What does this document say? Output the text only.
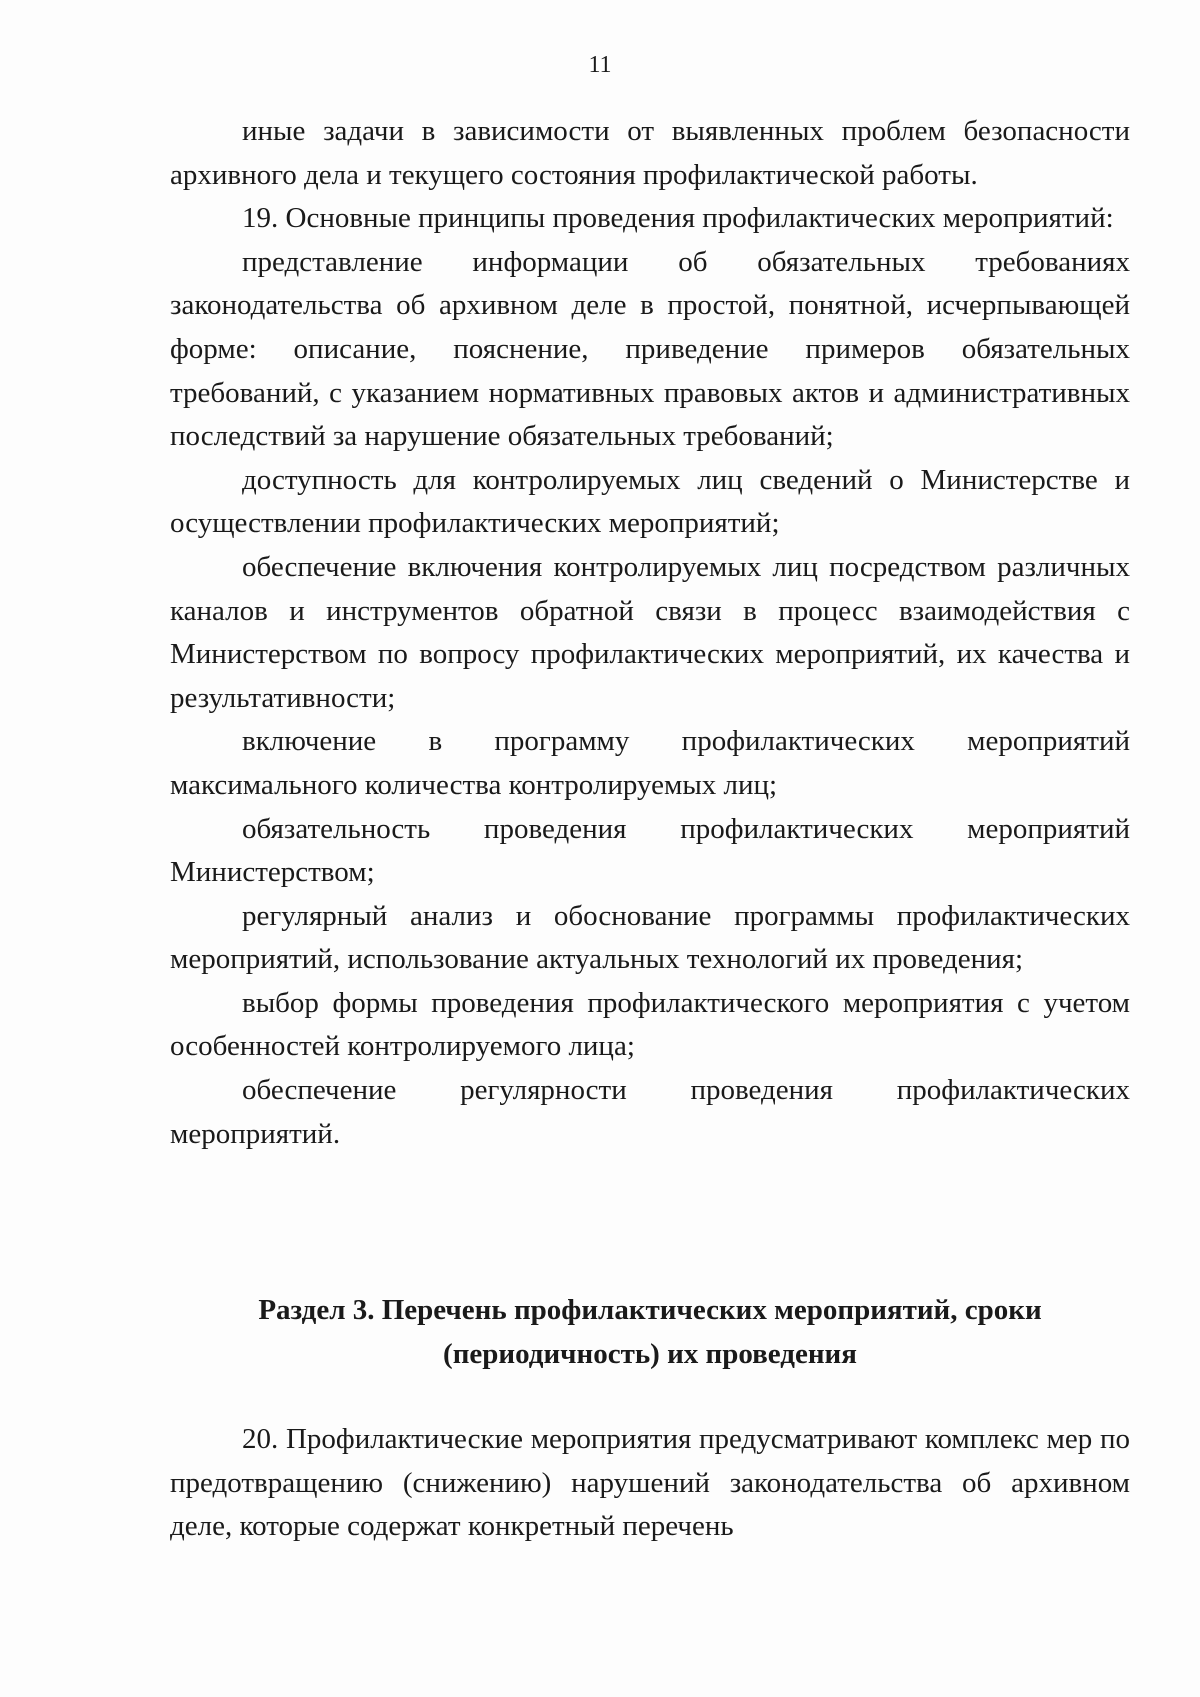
11

иные задачи в зависимости от выявленных проблем безопасности архивного дела и текущего состояния профилактической работы.

19. Основные принципы проведения профилактических мероприятий:

представление информации об обязательных требованиях законодательства об архивном деле в простой, понятной, исчерпывающей форме: описание, пояснение, приведение примеров обязательных требований, с указанием нормативных правовых актов и административных последствий за нарушение обязательных требований;

доступность для контролируемых лиц сведений о Министерстве и осуществлении профилактических мероприятий;

обеспечение включения контролируемых лиц посредством различных каналов и инструментов обратной связи в процесс взаимодействия с Министерством по вопросу профилактических мероприятий, их качества и результативности;

включение в программу профилактических мероприятий максимального количества контролируемых лиц;

обязательность проведения профилактических мероприятий Министерством;

регулярный анализ и обоснование программы профилактических мероприятий, использование актуальных технологий их проведения;

выбор формы проведения профилактического мероприятия с учетом особенностей контролируемого лица;

обеспечение регулярности проведения профилактических мероприятий.

Раздел 3. Перечень профилактических мероприятий, сроки
(периодичность) их проведения

20. Профилактические мероприятия предусматривают комплекс мер по предотвращению (снижению) нарушений законодательства об архивном деле, которые содержат конкретный перечень
